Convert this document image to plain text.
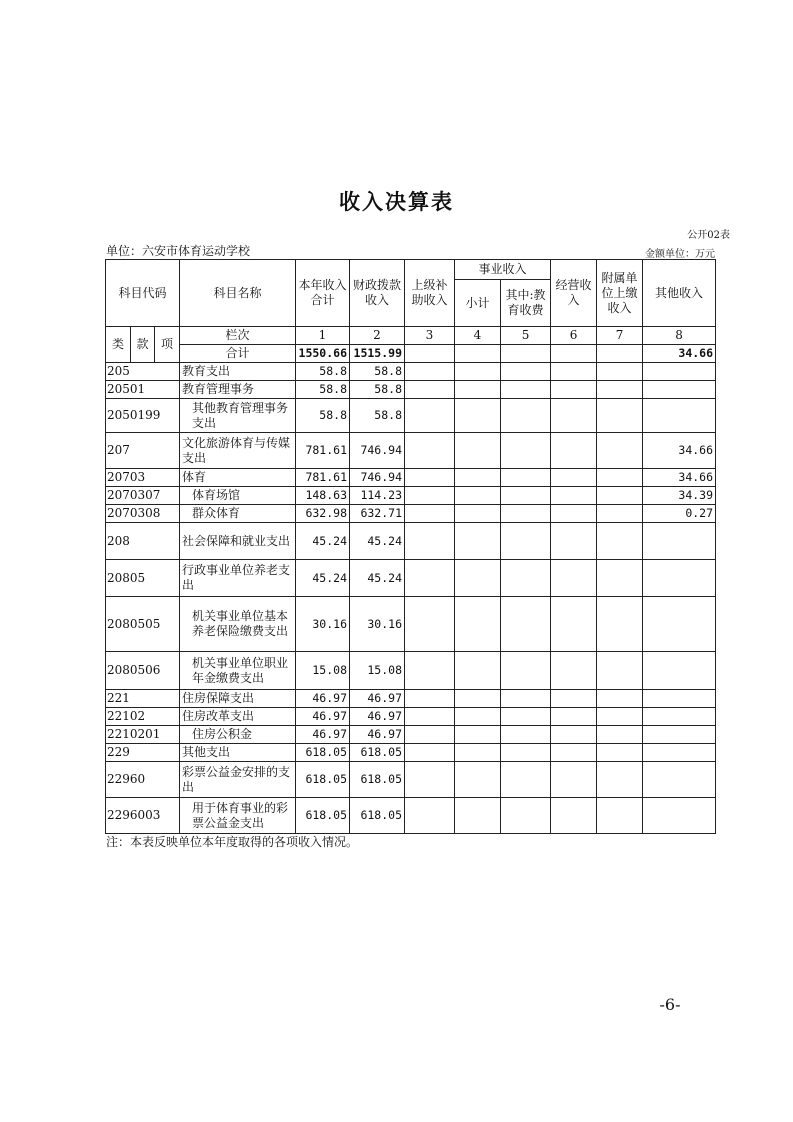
收入决算表
公开02表
单位：六安市体育运动学校	金额单位：万元
科目代码			科目名称	本年收入合计	财政拨款收入	上级补助收入	事业收入		经营收入	附属单位上缴收入	其他收入
							小计	其中:教育收费			

类	款	项	栏次	1	2	3	4	5	6	7	8
			合计	1550.66	1515.99						34.66
205			教育支出	58.8	58.8						
20501			教育管理事务	58.8	58.8						
2050199			其他教育管理事务支出	58.8	58.8						
207			文化旅游体育与传媒支出	781.61	746.94						34.66
20703			体育	781.61	746.94						34.66
2070307			体育场馆	148.63	114.23						34.39
2070308			群众体育	632.98	632.71						0.27
208			社会保障和就业支出	45.24	45.24						
20805			行政事业单位养老支出	45.24	45.24						
2080505			机关事业单位基本养老保险缴费支出	30.16	30.16						
2080506			机关事业单位职业年金缴费支出	15.08	15.08						
221			住房保障支出	46.97	46.97						
22102			住房改革支出	46.97	46.97						
2210201			住房公积金	46.97	46.97						
229			其他支出	618.05	618.05						
22960			彩票公益金安排的支出	618.05	618.05						
2296003			用于体育事业的彩票公益金支出	618.05	618.05						
注：本表反映单位本年度取得的各项收入情况。
-6-
